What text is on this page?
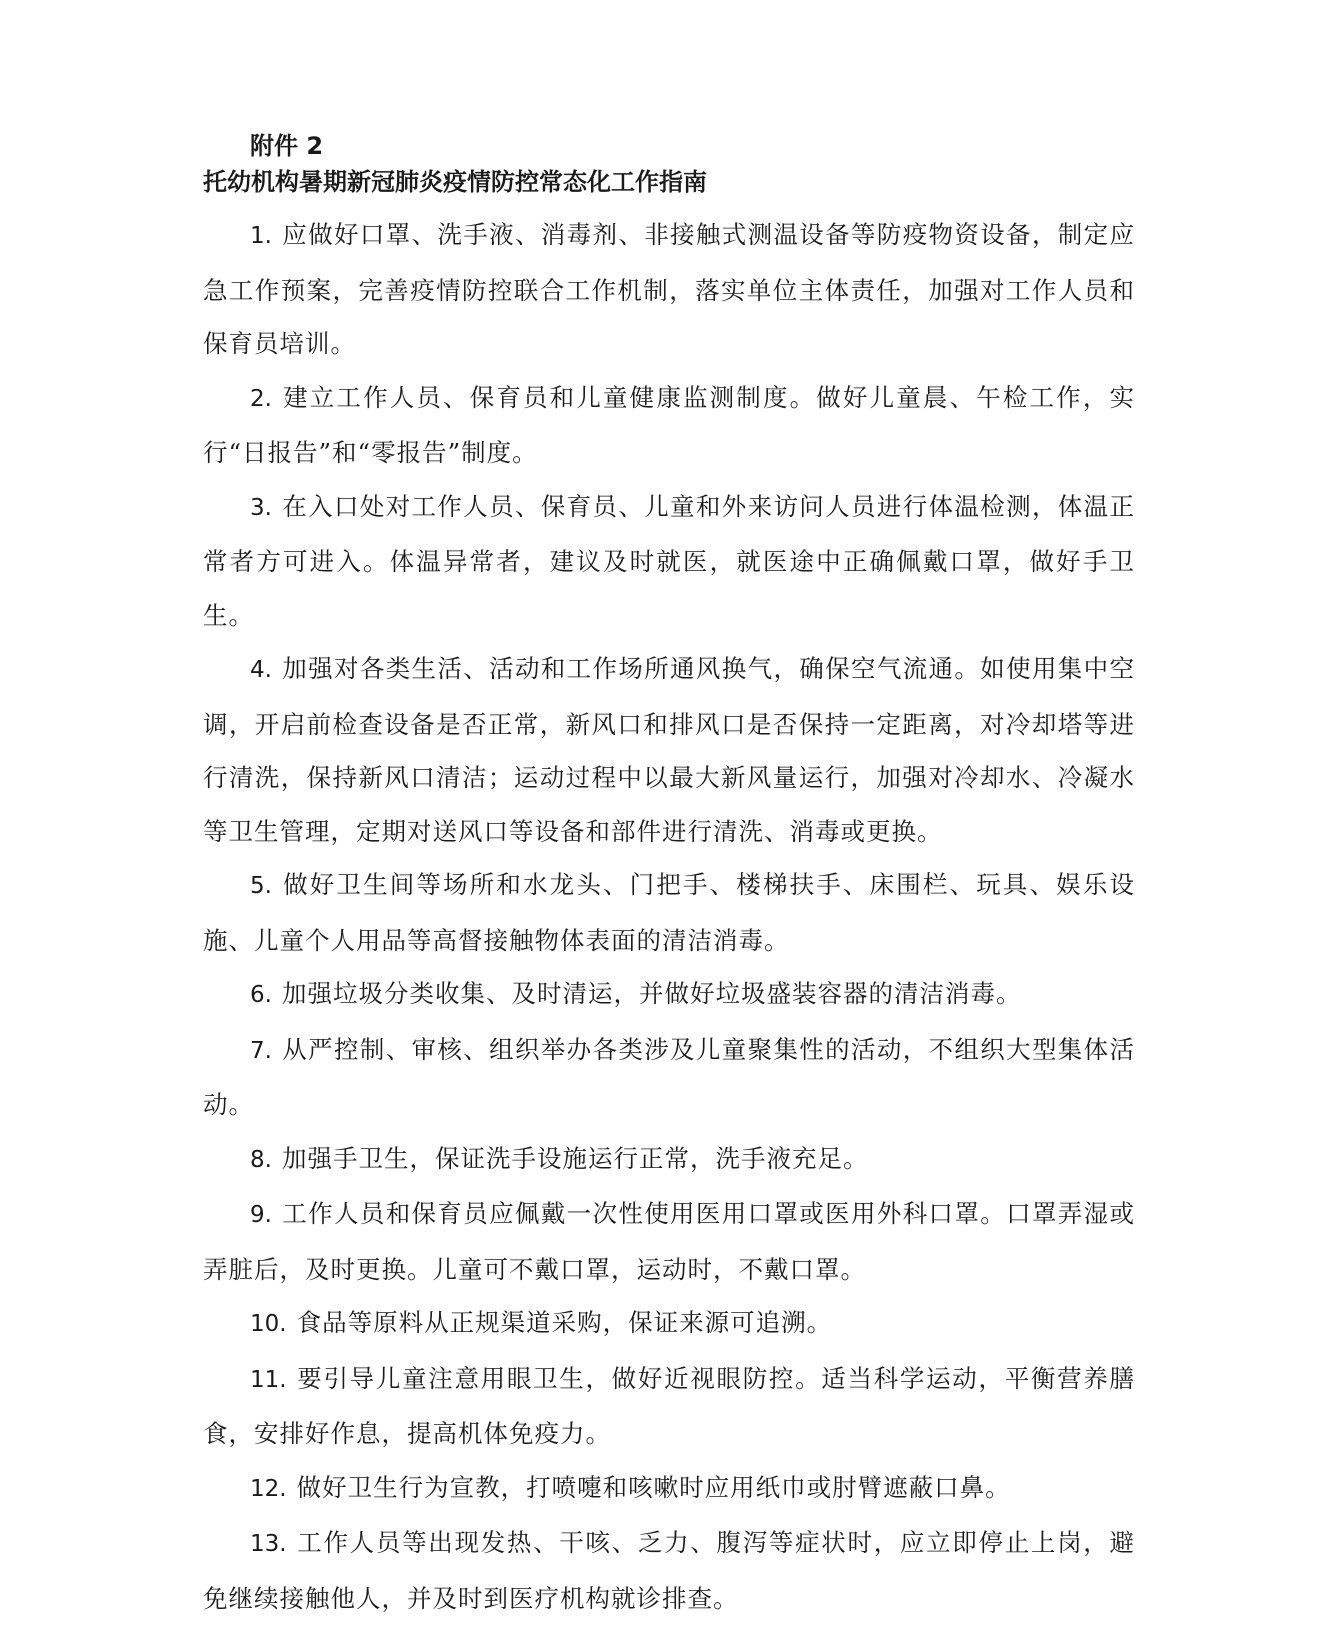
附件 2
托幼机构暑期新冠肺炎疫情防控常态化工作指南
1. 应做好口罩、洗手液、消毒剂、非接触式测温设备等防疫物资设备，制定应急工作预案，完善疫情防控联合工作机制，落实单位主体责任，加强对工作人员和保育员培训。
2. 建立工作人员、保育员和儿童健康监测制度。做好儿童晨、午检工作，实行“日报告”和“零报告”制度。
3. 在入口处对工作人员、保育员、儿童和外来访问人员进行体温检测，体温正常者方可进入。体温异常者，建议及时就医，就医途中正确佩戴口罩，做好手卫生。
4. 加强对各类生活、活动和工作场所通风换气，确保空气流通。如使用集中空调，开启前检查设备是否正常，新风口和排风口是否保持一定距离，对冷却塔等进行清洗，保持新风口清洁；运动过程中以最大新风量运行，加强对冷却水、冷凝水等卫生管理，定期对送风口等设备和部件进行清洗、消毒或更换。
5. 做好卫生间等场所和水龙头、门把手、楼梯扶手、床围栏、玩具、娱乐设施、儿童个人用品等高督接触物体表面的清洁消毒。
6. 加强垃圾分类收集、及时清运，并做好垃圾盛装容器的清洁消毒。
7. 从严控制、审核、组织举办各类涉及儿童聚集性的活动，不组织大型集体活动。
8. 加强手卫生，保证洗手设施运行正常，洗手液充足。
9. 工作人员和保育员应佩戴一次性使用医用口罩或医用外科口罩。口罩弄湿或弄脏后，及时更换。儿童可不戴口罩，运动时，不戴口罩。
10. 食品等原料从正规渠道采购，保证来源可追溯。
11. 要引导儿童注意用眼卫生，做好近视眼防控。适当科学运动，平衡营养膳食，安排好作息，提高机体免疫力。
12. 做好卫生行为宣教，打喷嚏和咳嗽时应用纸巾或肘臂遮蔽口鼻。
13. 工作人员等出现发热、干咳、乏力、腹泻等症状时，应立即停止上岗，避免继续接触他人，并及时到医疗机构就诊排查。
